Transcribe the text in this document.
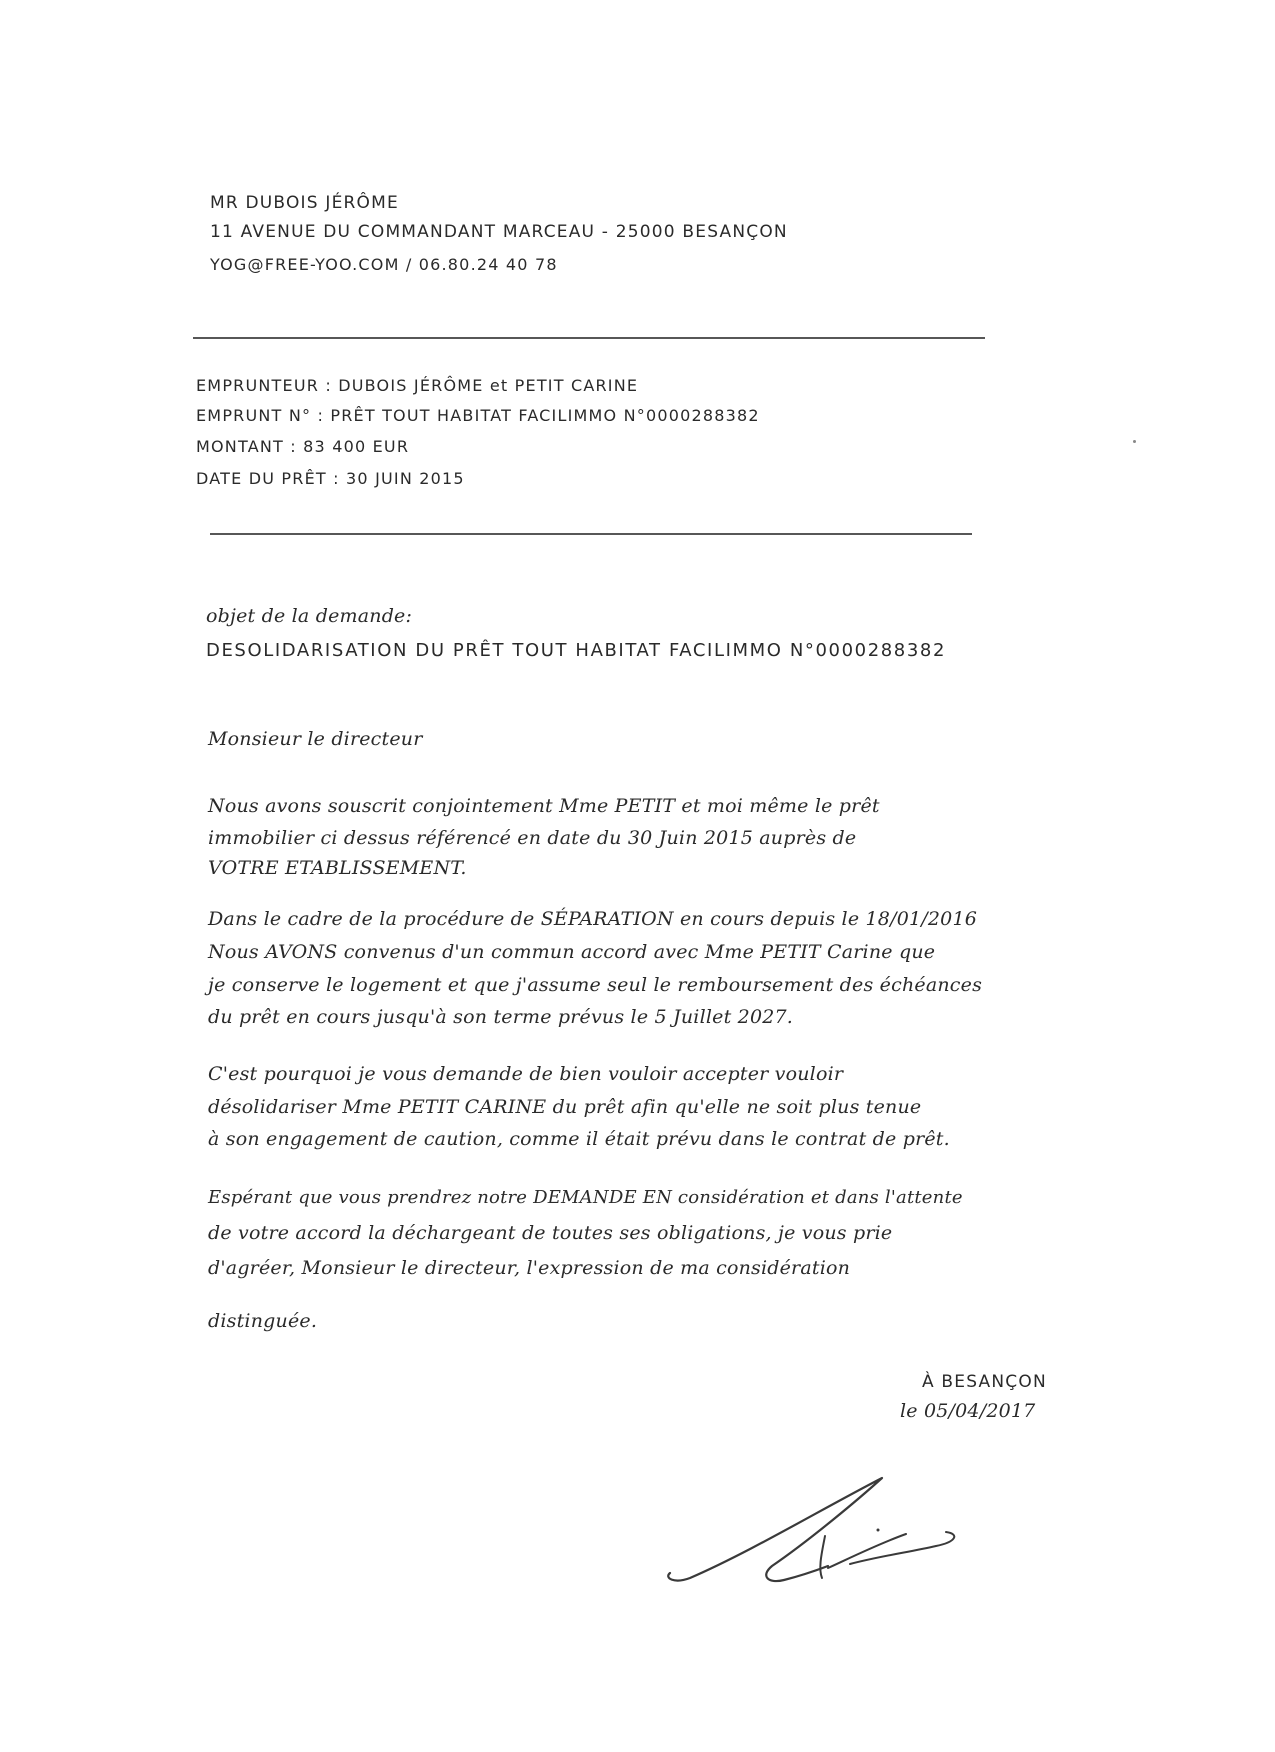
MR DUBOIS JÉRÔME
11 AVENUE DU COMMANDANT MARCEAU - 25000 BESANÇON
YOG@FREE-YOO.COM / 06.80.24 40 78
EMPRUNTEUR : DUBOIS JÉRÔME et PETIT CARINE
EMPRUNT N° : PRÊT TOUT HABITAT FACILIMMO N°0000288382
MONTANT : 83 400 EUR
DATE DU PRÊT : 30 JUIN 2015
objet de la demande:
DESOLIDARISATION DU PRÊT TOUT HABITAT FACILIMMO N°0000288382
Monsieur le directeur
Nous avons souscrit conjointement Mme PETIT et moi même le prêt
immobilier ci dessus référencé en date du 30 Juin 2015 auprès de
VOTRE ETABLISSEMENT.
Dans le cadre de la procédure de SÉPARATION en cours depuis le 18/01/2016
Nous AVONS convenus d'un commun accord avec Mme PETIT Carine que
je conserve le logement et que j'assume seul le remboursement des échéances
du prêt en cours jusqu'à son terme prévus le 5 Juillet 2027.
C'est pourquoi je vous demande de bien vouloir accepter vouloir
désolidariser Mme PETIT CARINE du prêt afin qu'elle ne soit plus tenue
à son engagement de caution, comme il était prévu dans le contrat de prêt.
Espérant que vous prendrez notre DEMANDE EN considération et dans l'attente
de votre accord la déchargeant de toutes ses obligations, je vous prie
d'agréer, Monsieur le directeur, l'expression de ma considération
distinguée.
À BESANÇON
le 05/04/2017
